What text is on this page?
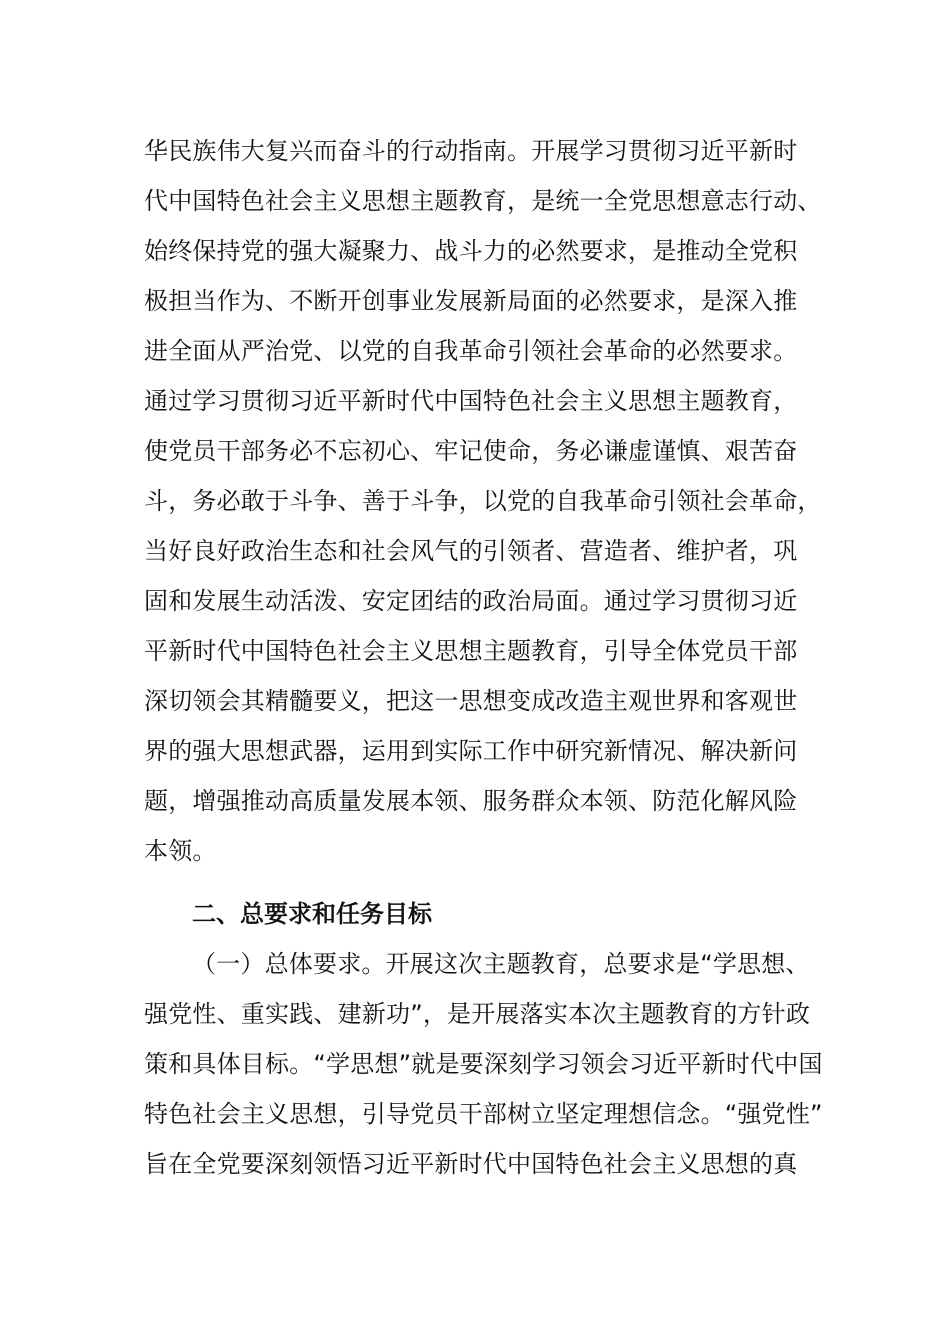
华民族伟大复兴而奋斗的行动指南。开展学习贯彻习近平新时
代中国特色社会主义思想主题教育，是统一全党思想意志行动、
始终保持党的强大凝聚力、战斗力的必然要求，是推动全党积
极担当作为、不断开创事业发展新局面的必然要求，是深入推
进全面从严治党、以党的自我革命引领社会革命的必然要求。
通过学习贯彻习近平新时代中国特色社会主义思想主题教育，
使党员干部务必不忘初心、牢记使命，务必谦虚谨慎、艰苦奋
斗，务必敢于斗争、善于斗争，以党的自我革命引领社会革命，
当好良好政治生态和社会风气的引领者、营造者、维护者，巩
固和发展生动活泼、安定团结的政治局面。通过学习贯彻习近
平新时代中国特色社会主义思想主题教育，引导全体党员干部
深切领会其精髓要义，把这一思想变成改造主观世界和客观世
界的强大思想武器，运用到实际工作中研究新情况、解决新问
题，增强推动高质量发展本领、服务群众本领、防范化解风险
本领。
二、总要求和任务目标
（一）总体要求。开展这次主题教育，总要求是“学思想、
强党性、重实践、建新功”，是开展落实本次主题教育的方针政
策和具体目标。“学思想”就是要深刻学习领会习近平新时代中国
特色社会主义思想，引导党员干部树立坚定理想信念。“强党性”
旨在全党要深刻领悟习近平新时代中国特色社会主义思想的真
